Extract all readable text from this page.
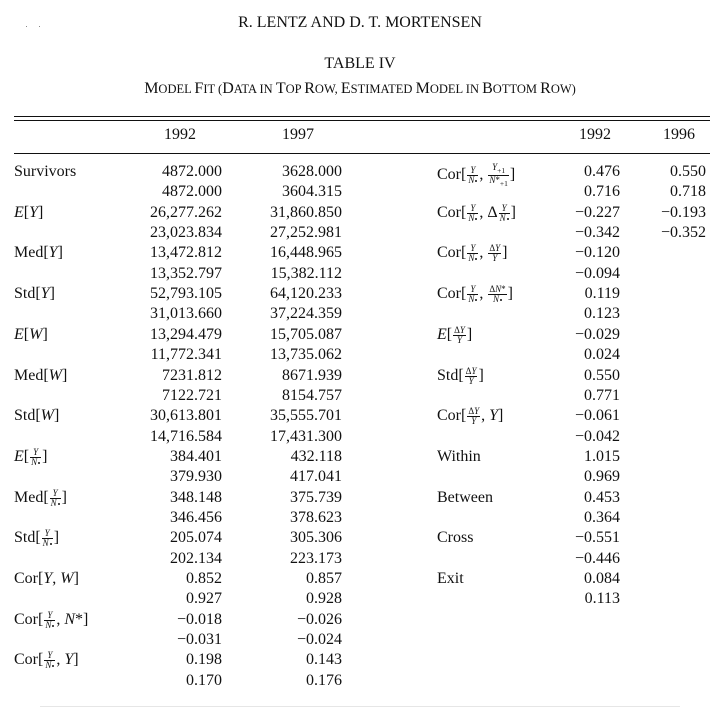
R. LENTZ AND D. T. MORTENSEN
TABLE IV
MODEL FIT (DATA IN TOP ROW, ESTIMATED MODEL IN BOTTOM ROW)
1992	1997	1992	1996
Survivors	4872.000	3628.000
4872.000	3604.315
E[Y]	26,277.262	31,860.850
23,023.834	27,252.981
Med[Y]	13,472.812	16,448.965
13,352.797	15,382.112
Std[Y]	52,793.105	64,120.233
31,013.660	37,224.359
E[W]	13,294.479	15,705.087
11,772.341	13,735.062
Med[W]	7231.812	8671.939
7122.721	8154.757
Std[W]	30,613.801	35,555.701
14,716.584	17,431.300
$E[ \frac{Y}{N}$ ]	384.401	432.118
379.930	417.041
$Med[ \frac{Y}{N}$ ]	348.148	375.739
346.456	378.623
$Std[ \frac{Y}{N}$ ]	205.074	305.306
202.134	223.173
Cor[Y, W]	0.852	0.857
0.927	0.928
$Cor[ \frac{Y}{N}$ , N*]	−0.018	−0.026
−0.031	−0.024
$Cor[ \frac{Y}{N}$ , Y]	0.198	0.143
0.170	0.176
$Cor[ \frac{Y}{N}$ , $\frac{Y_{+1}}{N*_{+1}}$ ]	0.476	0.550
0.716	0.718
$Cor[ \frac{Y}{N}$ , Δ $\frac{Y}{N}$ ]	−0.227	−0.193
−0.342	−0.352
$Cor[ \frac{Y}{N}$ , $\frac{\Delta Y}{Y}$ ]	−0.120
−0.094
$Cor[ \frac{Y}{N}$ , $\frac{\Delta N*}{N}$ ]	0.119
0.123
$E[ \frac{\Delta Y}{Y}$ ]	−0.029
0.024
$Std[ \frac{\Delta Y}{Y}$ ]	0.550
0.771
$Cor[ \frac{\Delta Y}{Y}$ , Y]	−0.061
−0.042
Within	1.015
0.969
Between	0.453
0.364
Cross	−0.551
−0.446
Exit	0.084
0.113
